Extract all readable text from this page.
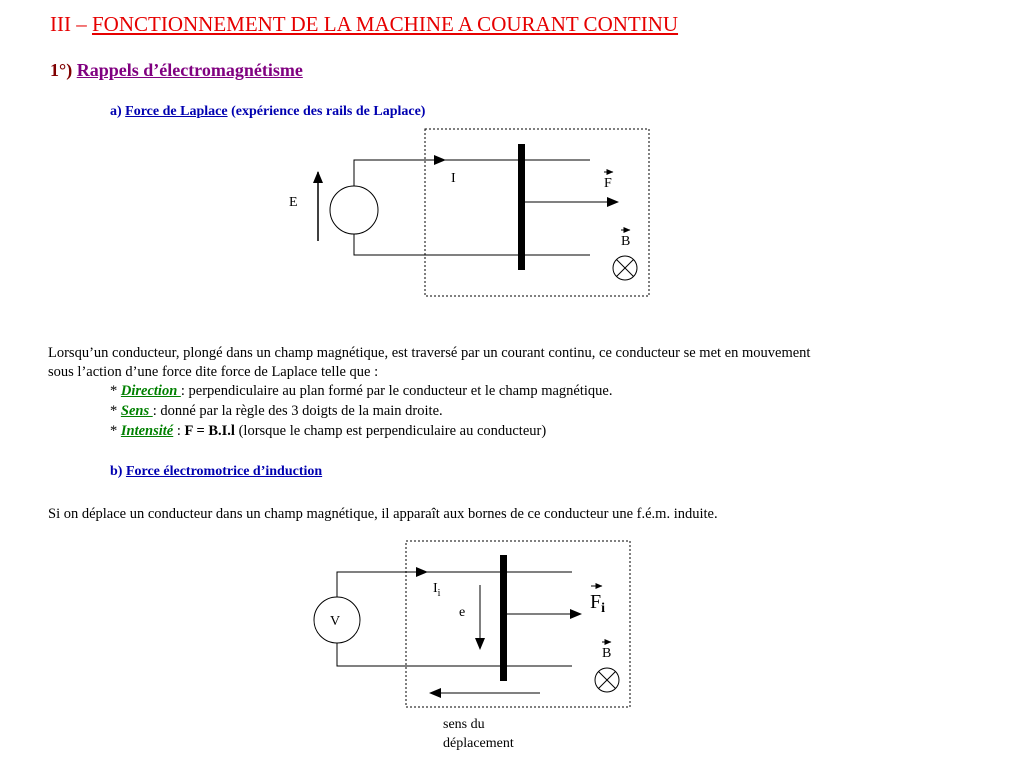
III – FONCTIONNEMENT DE LA MACHINE A COURANT CONTINU
1°) Rappels d’électromagnétisme
a) Force de Laplace (expérience des rails de Laplace)
E
I	F
B
V
$I_i$
e	Fi
B
Lorsqu’un conducteur, plongé dans un champ magnétique, est traversé par un courant continu, ce conducteur se met en mouvement
sous l’action d’une force dite force de Laplace telle que :
* Direction : perpendiculaire au plan formé par le conducteur et le champ magnétique.
* Sens : donné par la règle des 3 doigts de la main droite.
* Intensité : F = B.I.l (lorsque le champ est perpendiculaire au conducteur)
b) Force électromotrice d’induction
Si on déplace un conducteur dans un champ magnétique, il apparaît aux bornes de ce conducteur une f.é.m. induite.
sens du
déplacement
